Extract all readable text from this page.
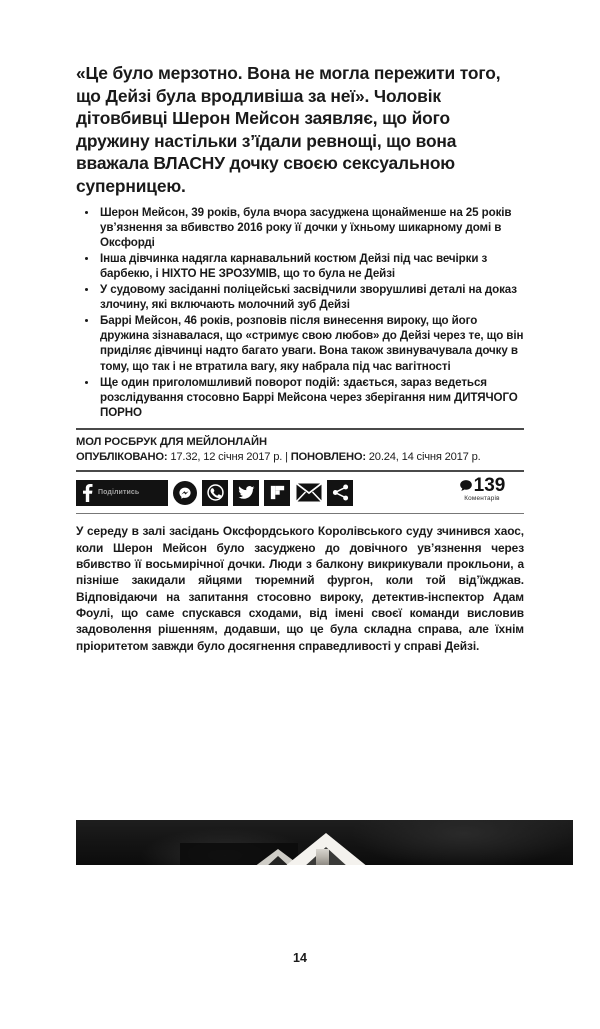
«Це було мерзотно. Вона не могла пережити того, що Дейзі була вродливіша за неї». Чоловік дітовбивці Шерон Мейсон заявляє, що його дружину настільки з’їдали ревнощі, що вона вважала ВЛАСНУ дочку своєю сексуальною суперницею.

Шерон Мейсон, 39 років, була вчора засуджена щонайменше на 25 років ув’язнення за вбивство 2016 року її дочки у їхньому шикарному домі в Оксфорді
Інша дівчинка надягла карнавальний костюм Дейзі під час вечірки з барбекю, і НІХТО НЕ ЗРОЗУМІВ, що то була не Дейзі
У судовому засіданні поліцейські засвідчили зворушливі деталі на доказ злочину, які включають молочний зуб Дейзі
Баррі Мейсон, 46 років, розповів після винесення вироку, що його дружина зізнавалася, що «стримує свою любов» до Дейзі через те, що він приділяє дівчинці надто багато уваги. Вона також звинувачувала дочку в тому, що так і не втратила вагу, яку набрала під час вагітності
Ще один приголомшливий поворот подій: здається, зараз ведеться розслідування стосовно Баррі Мейсона через зберігання ним ДИТЯЧОГО ПОРНО
МОЛ РОСБРУК ДЛЯ МЕЙЛОНЛАЙН
ОПУБЛІКОВАНО: 17.32, 12 січня 2017 р. | ПОНОВЛЕНО: 20.24, 14 січня 2017 р.
Поділитись	139
Коментарів

У середу в залі засідань Оксфордського Королівського суду зчинився хаос, коли Шерон Мейсон було засуджено до довічного ув’язнення через вбивство її восьмирічної дочки. Люди з балкону викрикували прокльони, а пізніше закидали яйцями тюремний фургон, коли той від’їжджав. Відповідаючи на запитання стосовно вироку, детектив-інспектор Адам Фоулі, що саме спускався сходами, від імені своєї команди висловив задоволення рішенням, додавши, що це була складна справа, але їхнім пріоритетом завжди було досягнення справедливості у справі Дейзі.

14
